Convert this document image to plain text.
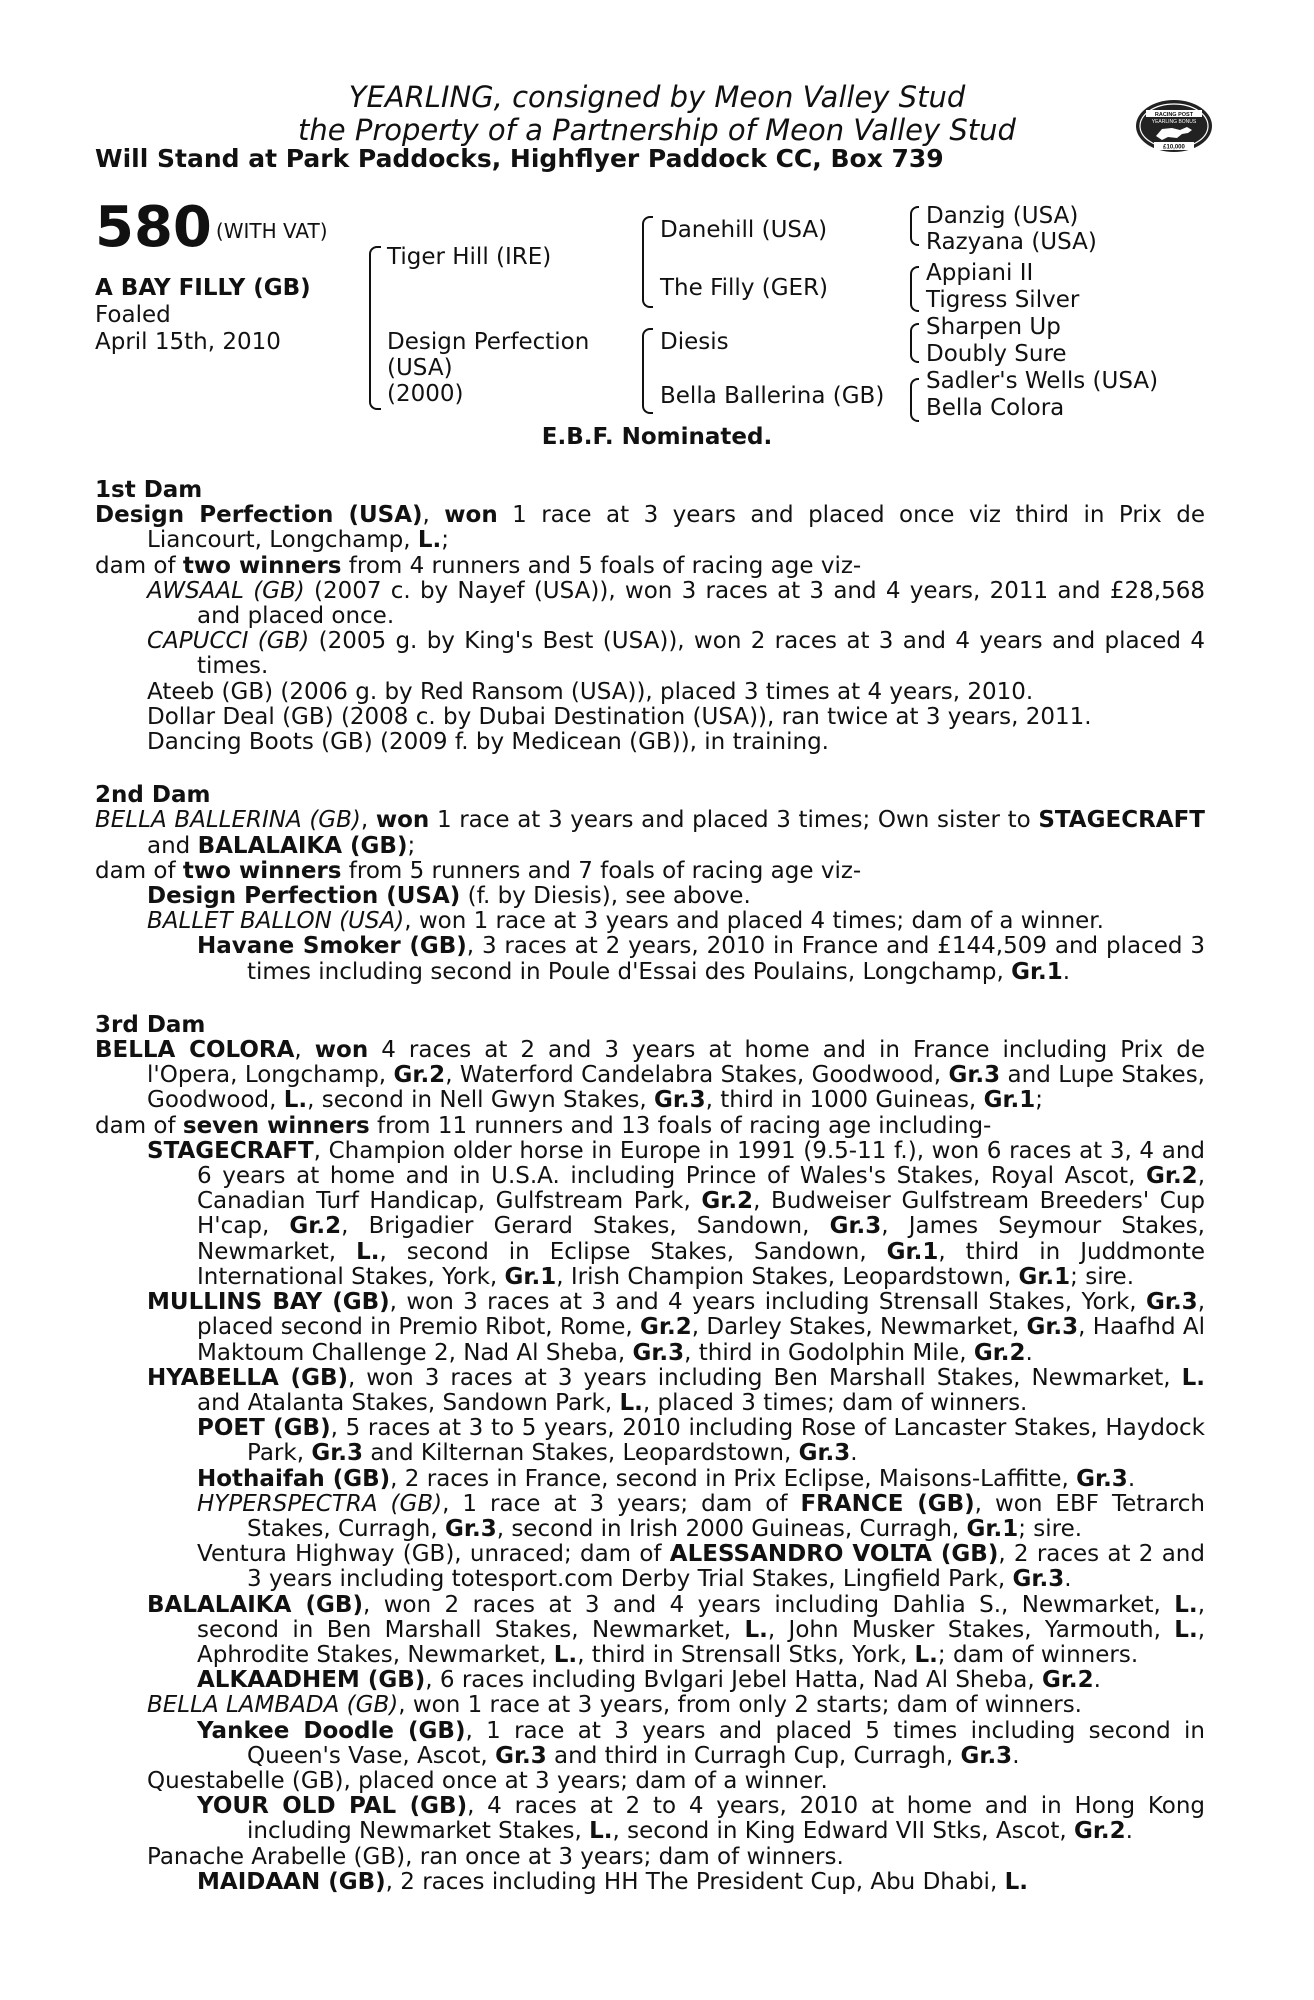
YEARLING, consigned by Meon Valley Stud
the Property of a Partnership of Meon Valley Stud
Will Stand at Park Paddocks, Highflyer Paddock CC, Box 739
RACING POST
YEARLING BONUS
£10,000
580 (WITH VAT)
A BAY FILLY (GB)
Foaled
April 15th, 2010
Tiger Hill (IRE)
Design Perfection
(USA)
(2000)
Danehill (USA)
The Filly (GER)
Diesis
Bella Ballerina (GB)
Danzig (USA)
Razyana (USA)
Appiani II
Tigress Silver
Sharpen Up
Doubly Sure
Sadler's Wells (USA)
Bella Colora
E.B.F. Nominated.

1st Dam

Design Perfection (USA), won 1 race at 3 years and placed once viz third in Prix de Liancourt, Longchamp, L.;

dam of two winners from 4 runners and 5 foals of racing age viz-

AWSAAL (GB) (2007 c. by Nayef (USA)), won 3 races at 3 and 4 years, 2011 and £28,568 and placed once.

CAPUCCI (GB) (2005 g. by King's Best (USA)), won 2 races at 3 and 4 years and placed 4 times.

Ateeb (GB) (2006 g. by Red Ransom (USA)), placed 3 times at 4 years, 2010.

Dollar Deal (GB) (2008 c. by Dubai Destination (USA)), ran twice at 3 years, 2011.

Dancing Boots (GB) (2009 f. by Medicean (GB)), in training.

2nd Dam

BELLA BALLERINA (GB), won 1 race at 3 years and placed 3 times; Own sister to STAGECRAFT and BALALAIKA (GB);

dam of two winners from 5 runners and 7 foals of racing age viz-

Design Perfection (USA) (f. by Diesis), see above.

BALLET BALLON (USA), won 1 race at 3 years and placed 4 times; dam of a winner.

Havane Smoker (GB), 3 races at 2 years, 2010 in France and £144,509 and placed 3 times including second in Poule d'Essai des Poulains, Longchamp, Gr.1.

3rd Dam

BELLA COLORA, won 4 races at 2 and 3 years at home and in France including Prix de l'Opera, Longchamp, Gr.2, Waterford Candelabra Stakes, Goodwood, Gr.3 and Lupe Stakes, Goodwood, L., second in Nell Gwyn Stakes, Gr.3, third in 1000 Guineas, Gr.1;

dam of seven winners from 11 runners and 13 foals of racing age including-

STAGECRAFT, Champion older horse in Europe in 1991 (9.5-11 f.), won 6 races at 3, 4 and 6 years at home and in U.S.A. including Prince of Wales's Stakes, Royal Ascot, Gr.2, Canadian Turf Handicap, Gulfstream Park, Gr.2, Budweiser Gulfstream Breeders' Cup H'cap, Gr.2, Brigadier Gerard Stakes, Sandown, Gr.3, James Seymour Stakes, Newmarket, L., second in Eclipse Stakes, Sandown, Gr.1, third in Juddmonte International Stakes, York, Gr.1, Irish Champion Stakes, Leopardstown, Gr.1; sire.

MULLINS BAY (GB), won 3 races at 3 and 4 years including Strensall Stakes, York, Gr.3, placed second in Premio Ribot, Rome, Gr.2, Darley Stakes, Newmarket, Gr.3, Haafhd Al Maktoum Challenge 2, Nad Al Sheba, Gr.3, third in Godolphin Mile, Gr.2.

HYABELLA (GB), won 3 races at 3 years including Ben Marshall Stakes, Newmarket, L. and Atalanta Stakes, Sandown Park, L., placed 3 times; dam of winners.

POET (GB), 5 races at 3 to 5 years, 2010 including Rose of Lancaster Stakes, Haydock Park, Gr.3 and Kilternan Stakes, Leopardstown, Gr.3.

Hothaifah (GB), 2 races in France, second in Prix Eclipse, Maisons-Laffitte, Gr.3.

HYPERSPECTRA (GB), 1 race at 3 years; dam of FRANCE (GB), won EBF Tetrarch Stakes, Curragh, Gr.3, second in Irish 2000 Guineas, Curragh, Gr.1; sire.

Ventura Highway (GB), unraced; dam of ALESSANDRO VOLTA (GB), 2 races at 2 and 3 years including totesport.com Derby Trial Stakes, Lingfield Park, Gr.3.

BALALAIKA (GB), won 2 races at 3 and 4 years including Dahlia S., Newmarket, L., second in Ben Marshall Stakes, Newmarket, L., John Musker Stakes, Yarmouth, L., Aphrodite Stakes, Newmarket, L., third in Strensall Stks, York, L.; dam of winners.

ALKAADHEM (GB), 6 races including Bvlgari Jebel Hatta, Nad Al Sheba, Gr.2.

BELLA LAMBADA (GB), won 1 race at 3 years, from only 2 starts; dam of winners.

Yankee Doodle (GB), 1 race at 3 years and placed 5 times including second in Queen's Vase, Ascot, Gr.3 and third in Curragh Cup, Curragh, Gr.3.

Questabelle (GB), placed once at 3 years; dam of a winner.

YOUR OLD PAL (GB), 4 races at 2 to 4 years, 2010 at home and in Hong Kong including Newmarket Stakes, L., second in King Edward VII Stks, Ascot, Gr.2.

Panache Arabelle (GB), ran once at 3 years; dam of winners.

MAIDAAN (GB), 2 races including HH The President Cup, Abu Dhabi, L.
